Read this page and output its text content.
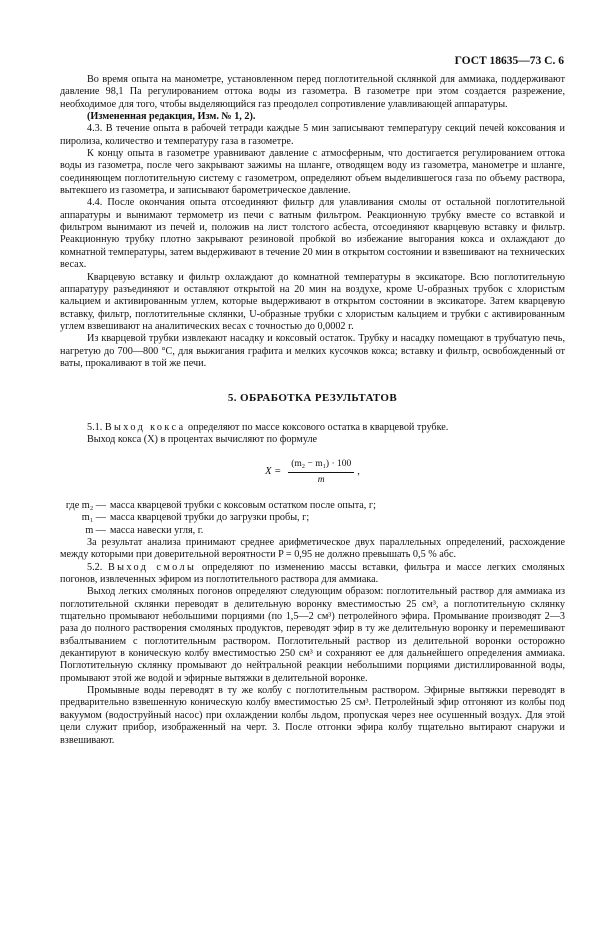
ГОСТ 18635—73 С. 6

Во время опыта на манометре, установленном перед поглотительной склянкой для аммиака, поддерживают давление 98,1 Па регулированием оттока воды из газометра. В газометре при этом создается разрежение, необходимое для того, чтобы выделяющийся газ преодолел сопротивление улавливающей аппаратуры.

(Измененная редакция, Изм. № 1, 2).

4.3. В течение опыта в рабочей тетради каждые 5 мин записывают температуру секций печей коксования и пиролиза, количество и температуру газа в газометре.

К концу опыта в газометре уравнивают давление с атмосферным, что достигается регулированием оттока воды из газометра, после чего закрывают зажимы на шланге, отводящем воду из газометра, манометре и шланге, соединяющем поглотительную систему с газометром, определяют объем выделившегося газа по объему раствора, вытекшего из газометра, и записывают барометрическое давление.

4.4. После окончания опыта отсоединяют фильтр для улавливания смолы от остальной поглотительной аппаратуры и вынимают термометр из печи с ватным фильтром. Реакционную трубку вместе со вставкой и фильтром вынимают из печей и, положив на лист толстого асбеста, отсоединяют кварцевую вставку и фильтр. Реакционную трубку плотно закрывают резиновой пробкой во избежание выгорания кокса и охлаждают до комнатной температуры, затем выдерживают в течение 20 мин в открытом состоянии и взвешивают на технических весах.

Кварцевую вставку и фильтр охлаждают до комнатной температуры в эксикаторе. Всю поглотительную аппаратуру разъединяют и оставляют открытой на 20 мин на воздухе, кроме U-образных трубок с хлористым кальцием и активированным углем, которые выдерживают в открытом состоянии в эксикаторе. Затем кварцевую вставку, фильтр, поглотительные склянки, U-образные трубки с хлористым кальцием и трубки с активированным углем взвешивают на аналитических весах с точностью до 0,0002 г.

Из кварцевой трубки извлекают насадку и коксовый остаток. Трубку и насадку помещают в трубчатую печь, нагретую до 700—800 °С, для выжигания графита и мелких кусочков кокса; вставку и фильтр, освобожденный от ваты, прокаливают в той же печи.

5. ОБРАБОТКА РЕЗУЛЬТАТОВ

5.1. Выход кокса определяют по массе коксового остатка в кварцевой трубке.

Выход кокса (X) в процентах вычисляют по формуле

$X = \frac{\text{(m₂ − m₁) · 100}}{m}$ ,
где m₂ — масса кварцевой трубки с коксовым остатком после опыта, г;
m₁ — масса кварцевой трубки до загрузки пробы, г;
m — масса навески угля, г.

За результат анализа принимают среднее арифметическое двух параллельных определений, расхождение между которыми при доверительной вероятности P = 0,95 не должно превышать 0,5 % абс.

5.2. Выход смолы определяют по изменению массы вставки, фильтра и массе легких смоляных погонов, извлеченных эфиром из поглотительного раствора для аммиака.

Выход легких смоляных погонов определяют следующим образом: поглотительный раствор для аммиака из поглотительной склянки переводят в делительную воронку вместимостью 25 см³, а поглотительную склянку тщательно промывают небольшими порциями (по 1,5—2 см³) петролейного эфира. Промывание производят 2—3 раза до полного растворения смоляных продуктов, переводят эфир в ту же делительную воронку и перемешивают взбалтыванием с поглотительным раствором. Поглотительный раствор из делительной воронки осторожно декантируют в коническую колбу вместимостью 250 см³ и сохраняют ее для дальнейшего определения аммиака. Поглотительную склянку промывают до нейтральной реакции небольшими порциями дистиллированной воды, промывают этой же водой и эфирные вытяжки в делительной воронке.

Промывные воды переводят в ту же колбу с поглотительным раствором. Эфирные вытяжки переводят в предварительно взвешенную коническую колбу вместимостью 25 см³. Петролейный эфир отгоняют из колбы под вакуумом (водоструйный насос) при охлаждении колбы льдом, пропуская через нее осушенный воздух. Для этой цели служит прибор, изображенный на черт. 3. После отгонки эфира колбу тщательно вытирают снаружи и взвешивают.
